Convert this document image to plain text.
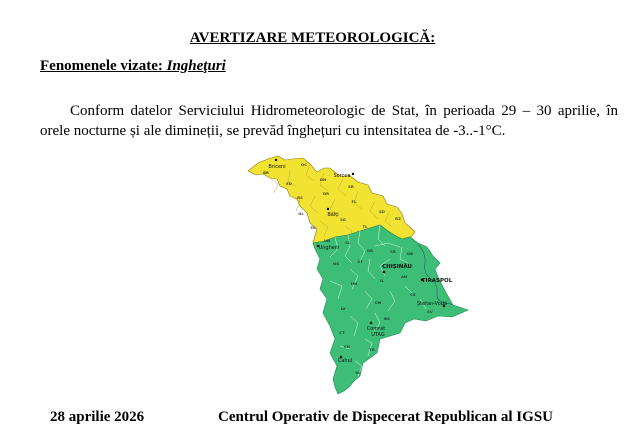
AVERTIZARE METEOROLOGICĂ:
Fenomenele vizate: Ingheţuri
Conform datelor Serviciului Hidrometeorologic de Stat, în perioada 29 – 30 aprilie, în orele nocturne și ale dimineții, se prevăd înghețuri cu intensitatea de -3..-1°C.
Briceni
Soroca
Bălți
Ungheni
CHIȘINĂU
TIRASPOL
Ștefan-Vodă
Comrat
UTAG
Cahul
OC
BR
ED
DN
SR
DR
RS
FL
GL
SG	RZ
FA	TL
ȘD
UN	CL
OR	CR	DB
ST
NS
IL
AN
HN
CM
CS
SV
BS
LV
CT
CH
TR
VL
28 aprilie 2026	Centrul Operativ de Dispecerat Republican al IGSU
